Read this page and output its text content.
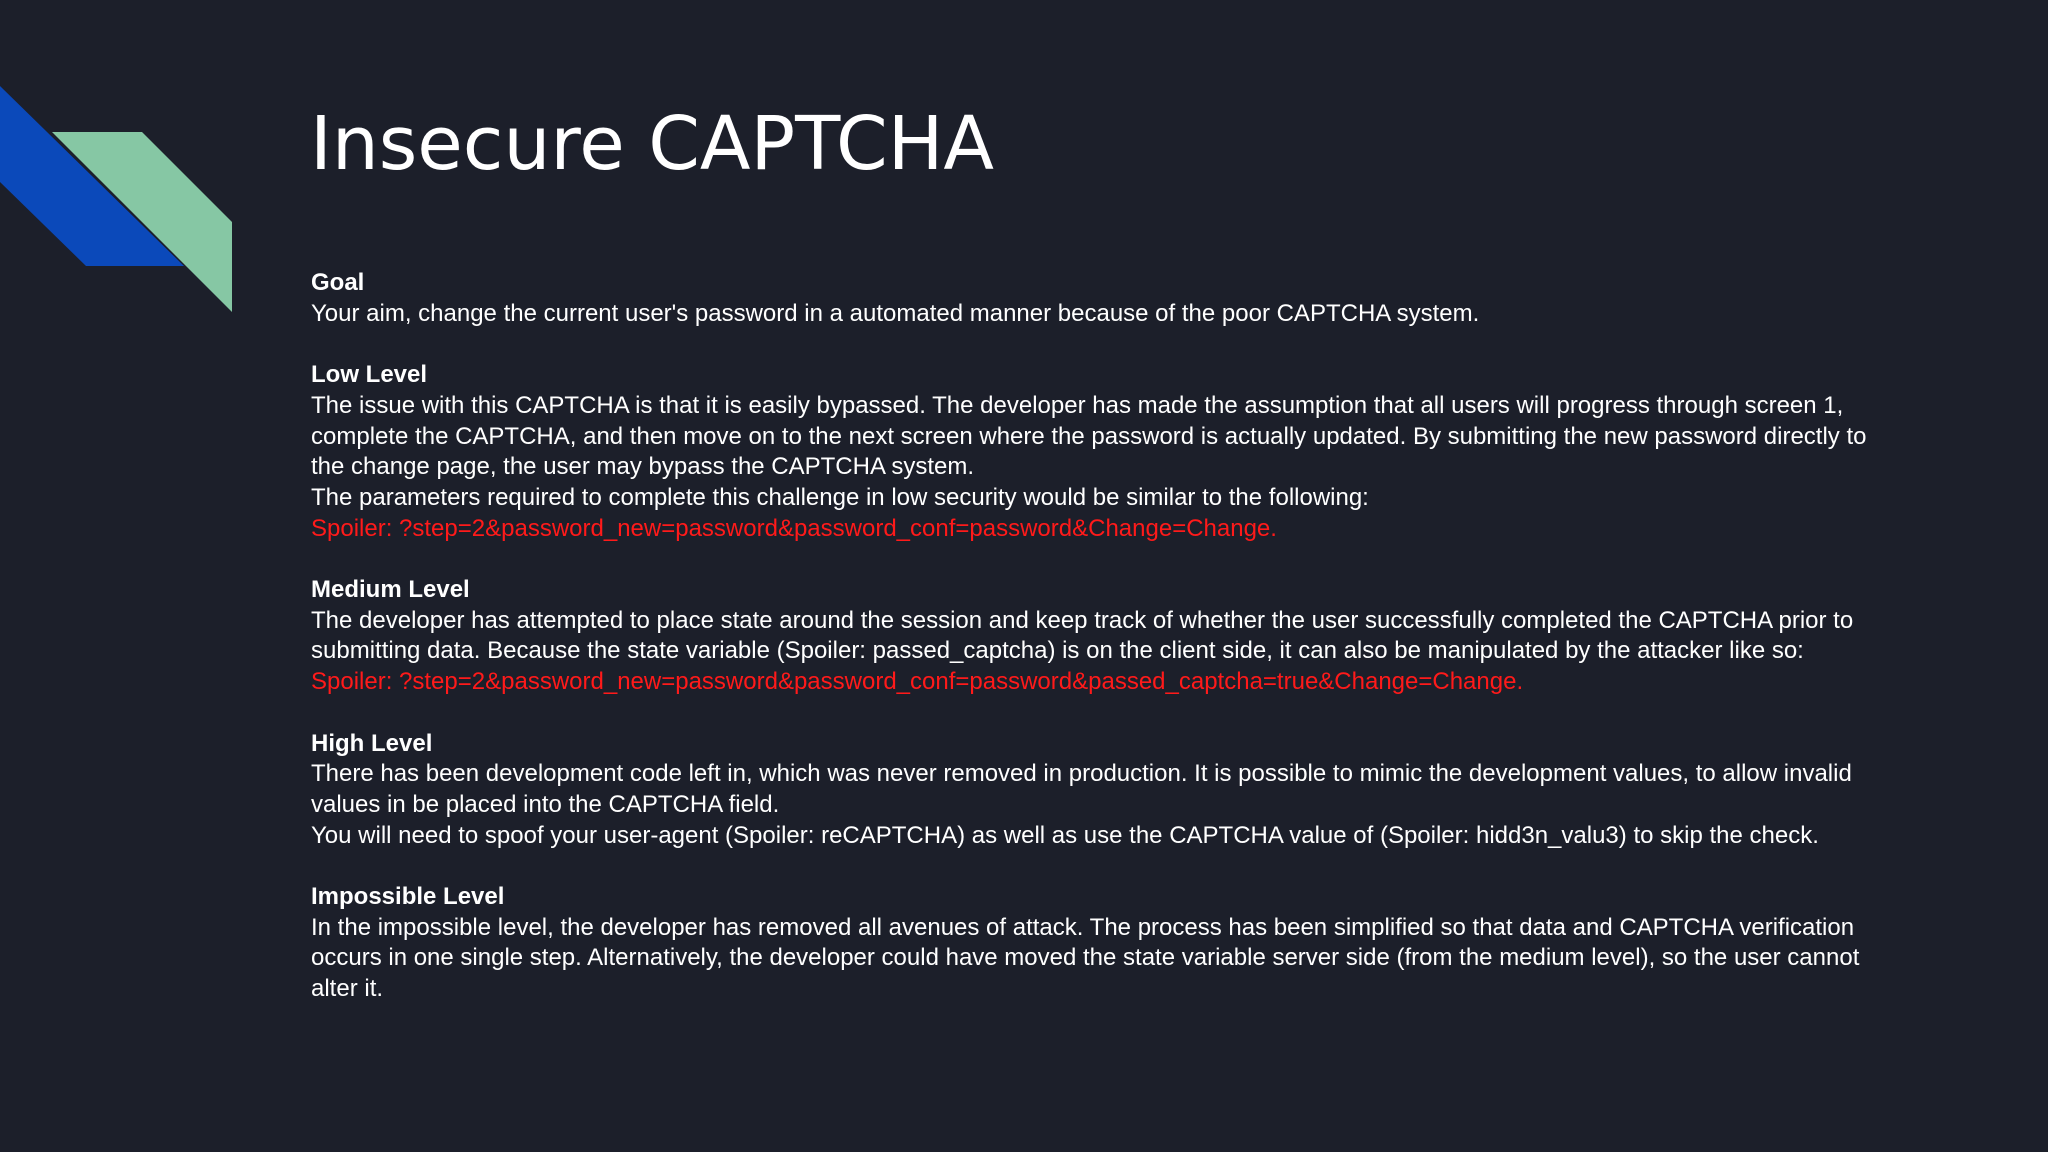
Insecure CAPTCHA
Goal
Your aim, change the current user's password in a automated manner because of the poor CAPTCHA system.
Low Level
The issue with this CAPTCHA is that it is easily bypassed. The developer has made the assumption that all users will progress through screen 1, complete the CAPTCHA, and then move on to the next screen where the password is actually updated. By submitting the new password directly to the change page, the user may bypass the CAPTCHA system.
The parameters required to complete this challenge in low security would be similar to the following:
Spoiler: ?step=2&password_new=password&password_conf=password&Change=Change.
Medium Level
The developer has attempted to place state around the session and keep track of whether the user successfully completed the CAPTCHA prior to submitting data. Because the state variable (Spoiler: passed_captcha) is on the client side, it can also be manipulated by the attacker like so:
Spoiler: ?step=2&password_new=password&password_conf=password&passed_captcha=true&Change=Change.
High Level
There has been development code left in, which was never removed in production. It is possible to mimic the development values, to allow invalid values in be placed into the CAPTCHA field.
You will need to spoof your user-agent (Spoiler: reCAPTCHA) as well as use the CAPTCHA value of (Spoiler: hidd3n_valu3) to skip the check.
Impossible Level
In the impossible level, the developer has removed all avenues of attack. The process has been simplified so that data and CAPTCHA verification occurs in one single step. Alternatively, the developer could have moved the state variable server side (from the medium level), so the user cannot alter it.
